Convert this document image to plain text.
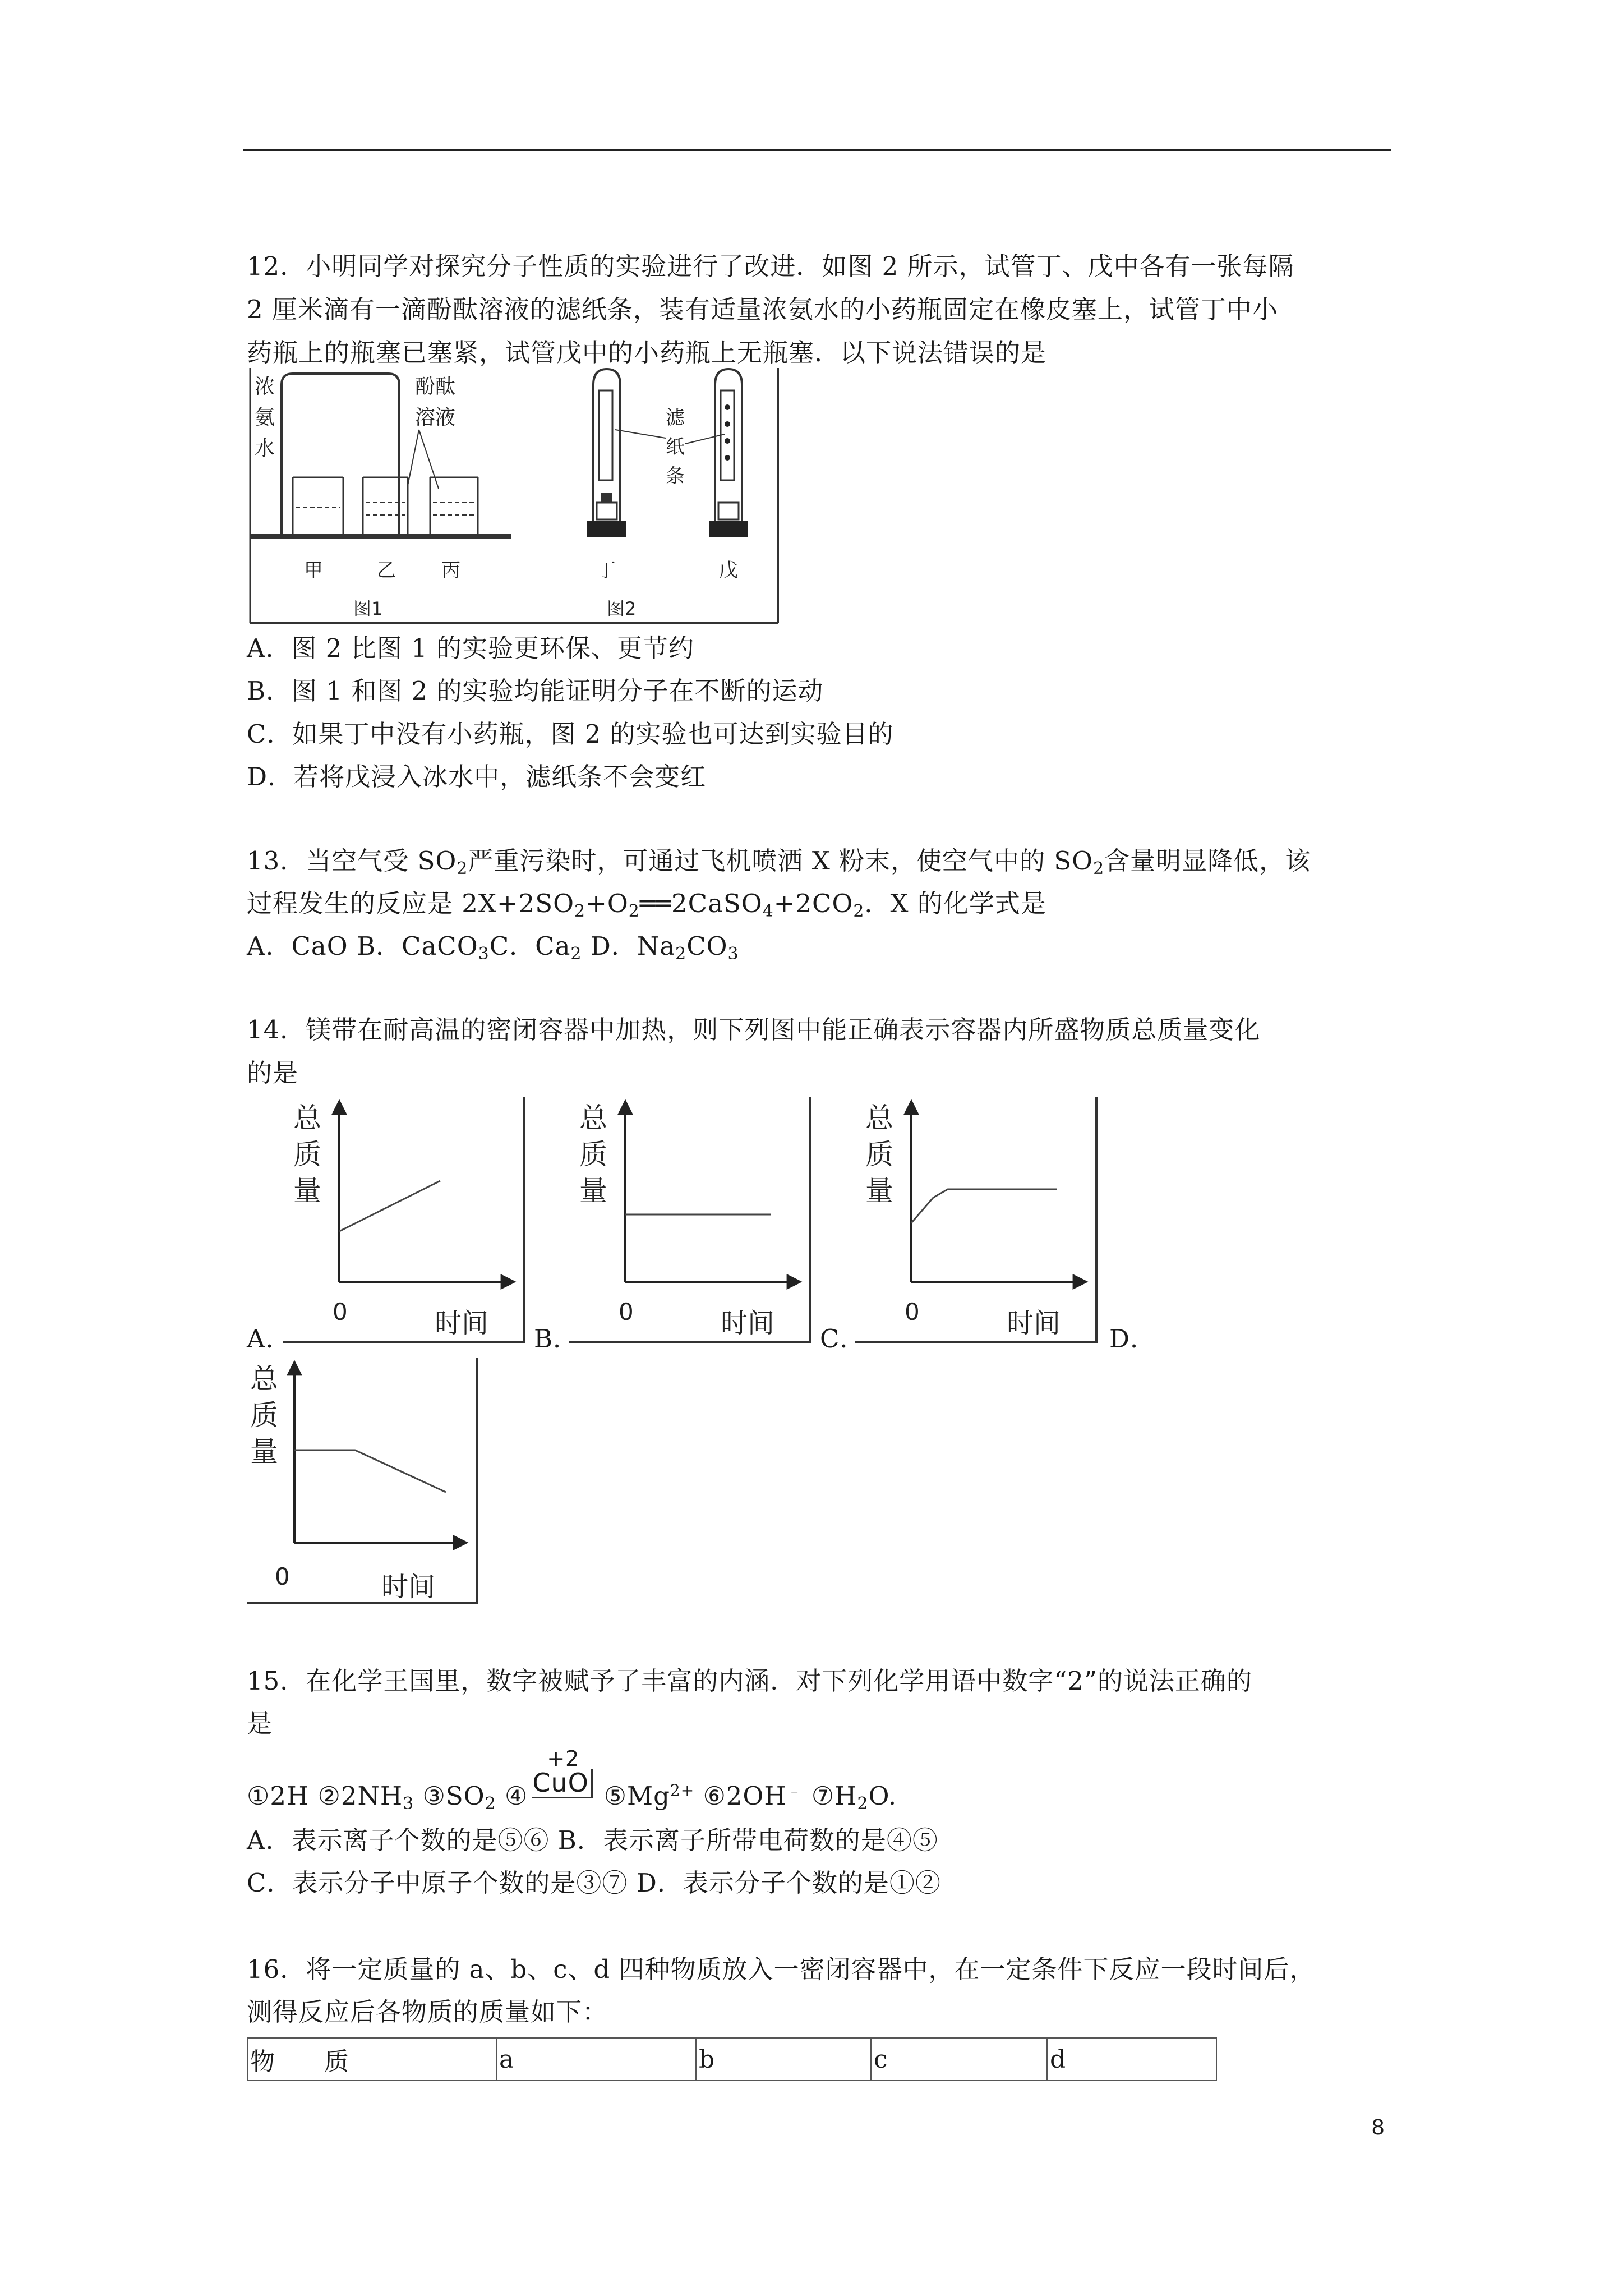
12．小明同学对探究分子性质的实验进行了改进．如图 2 所示，试管丁、戊中各有一张每隔
2 厘米滴有一滴酚酞溶液的滤纸条，装有适量浓氨水的小药瓶固定在橡皮塞上，试管丁中小
药瓶上的瓶塞已塞紧，试管戊中的小药瓶上无瓶塞．以下说法错误的是
浓
氨
水
酚酞
溶液
甲	乙 丙
图1
滤
纸
条
丁	戊
图2
A．图 2 比图 1 的实验更环保、更节约
B．图 1 和图 2 的实验均能证明分子在不断的运动
C．如果丁中没有小药瓶，图 2 的实验也可达到实验目的
D．若将戊浸入冰水中，滤纸条不会变红
13．当空气受 $SO_2$严重污染时，可通过飞机喷洒 X 粉末，使空气中的 $SO_2$含量明显降低，该
过程发生的反应是 $2X+2SO_2+O_2══2CaSO_4+2CO_2$．X 的化学式是
A．CaO B．CaCO$_3$C．$Ca_2$ D．$Na_2CO_3$
14．镁带在耐高温的密闭容器中加热，则下列图中能正确表示容器内所盛物质总质量变化
的是
总
质
量
0	时间
A．
总
质
量
0	时间
B．
总
质
量
0	时间
C．	D．
总
质
量
0	时间
15．在化学王国里，数字被赋予了丰富的内涵．对下列化学用语中数字“2”的说法正确的
是
①2H $②2NH_3$ $③SO_2$ ④
+2
CuO $⑤Mg^{2+}$ ⑥2OH﹣ $⑦H_2O$.
A．表示离子个数的是⑤⑥ B．表示离子所带电荷数的是④⑤
C．表示分子中原子个数的是③⑦ D．表示分子个数的是①②
16．将一定质量的 a、b、c、d 四种物质放入一密闭容器中，在一定条件下反应一段时间后，
测得反应后各物质的质量如下：
物　　质	a	b	c	d
8
